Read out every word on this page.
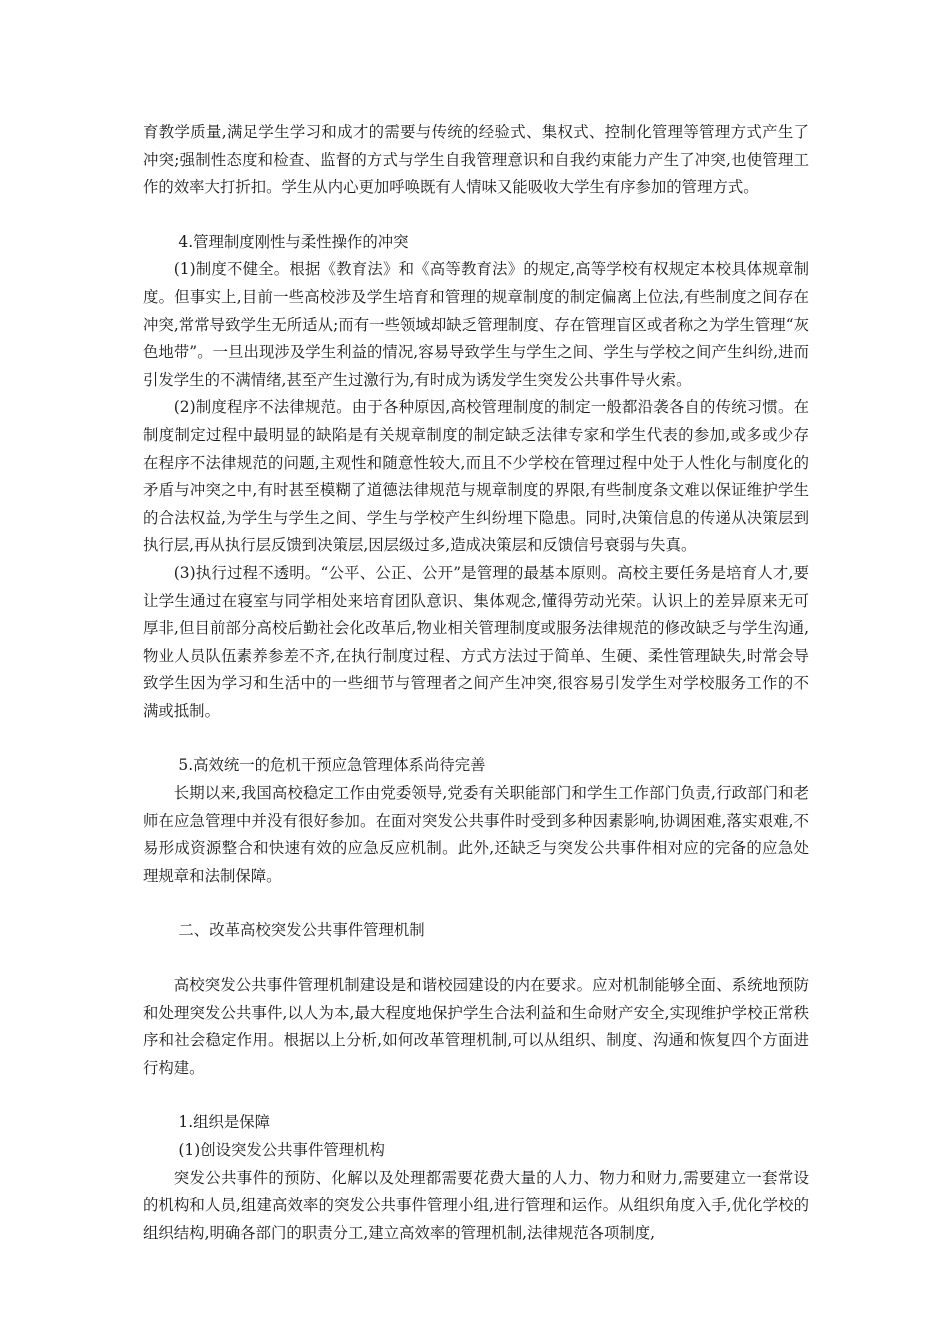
育教学质量,满足学生学习和成才的需要与传统的经验式、集权式、控制化管理等管理方式产生了冲突;强制性态度和检查、监督的方式与学生自我管理意识和自我约束能力产生了冲突,也使管理工作的效率大打折扣。学生从内心更加呼唤既有人情味又能吸收大学生有序参加的管理方式。

4.管理制度刚性与柔性操作的冲突

(1)制度不健全。根据《教育法》和《高等教育法》的规定,高等学校有权规定本校具体规章制度。但事实上,目前一些高校涉及学生培育和管理的规章制度的制定偏离上位法,有些制度之间存在冲突,常常导致学生无所适从;而有一些领域却缺乏管理制度、存在管理盲区或者称之为学生管理“灰色地带”。一旦出现涉及学生利益的情况,容易导致学生与学生之间、学生与学校之间产生纠纷,进而引发学生的不满情绪,甚至产生过激行为,有时成为诱发学生突发公共事件导火索。

(2)制度程序不法律规范。由于各种原因,高校管理制度的制定一般都沿袭各自的传统习惯。在制度制定过程中最明显的缺陷是有关规章制度的制定缺乏法律专家和学生代表的参加,或多或少存在程序不法律规范的问题,主观性和随意性较大,而且不少学校在管理过程中处于人性化与制度化的矛盾与冲突之中,有时甚至模糊了道德法律规范与规章制度的界限,有些制度条文难以保证维护学生的合法权益,为学生与学生之间、学生与学校产生纠纷埋下隐患。同时,决策信息的传递从决策层到执行层,再从执行层反馈到决策层,因层级过多,造成决策层和反馈信号衰弱与失真。

(3)执行过程不透明。“公平、公正、公开”是管理的最基本原则。高校主要任务是培育人才,要让学生通过在寝室与同学相处来培育团队意识、集体观念,懂得劳动光荣。认识上的差异原来无可厚非,但目前部分高校后勤社会化改革后,物业相关管理制度或服务法律规范的修改缺乏与学生沟通,物业人员队伍素养参差不齐,在执行制度过程、方式方法过于简单、生硬、柔性管理缺失,时常会导致学生因为学习和生活中的一些细节与管理者之间产生冲突,很容易引发学生对学校服务工作的不满或抵制。

5.高效统一的危机干预应急管理体系尚待完善

长期以来,我国高校稳定工作由党委领导,党委有关职能部门和学生工作部门负责,行政部门和老师在应急管理中并没有很好参加。在面对突发公共事件时受到多种因素影响,协调困难,落实艰难,不易形成资源整合和快速有效的应急反应机制。此外,还缺乏与突发公共事件相对应的完备的应急处理规章和法制保障。

二、改革高校突发公共事件管理机制

高校突发公共事件管理机制建设是和谐校园建设的内在要求。应对机制能够全面、系统地预防和处理突发公共事件,以人为本,最大程度地保护学生合法利益和生命财产安全,实现维护学校正常秩序和社会稳定作用。根据以上分析,如何改革管理机制,可以从组织、制度、沟通和恢复四个方面进行构建。

1.组织是保障

(1)创设突发公共事件管理机构

突发公共事件的预防、化解以及处理都需要花费大量的人力、物力和财力,需要建立一套常设的机构和人员,组建高效率的突发公共事件管理小组,进行管理和运作。从组织角度入手,优化学校的组织结构,明确各部门的职责分工,建立高效率的管理机制,法律规范各项制度,
